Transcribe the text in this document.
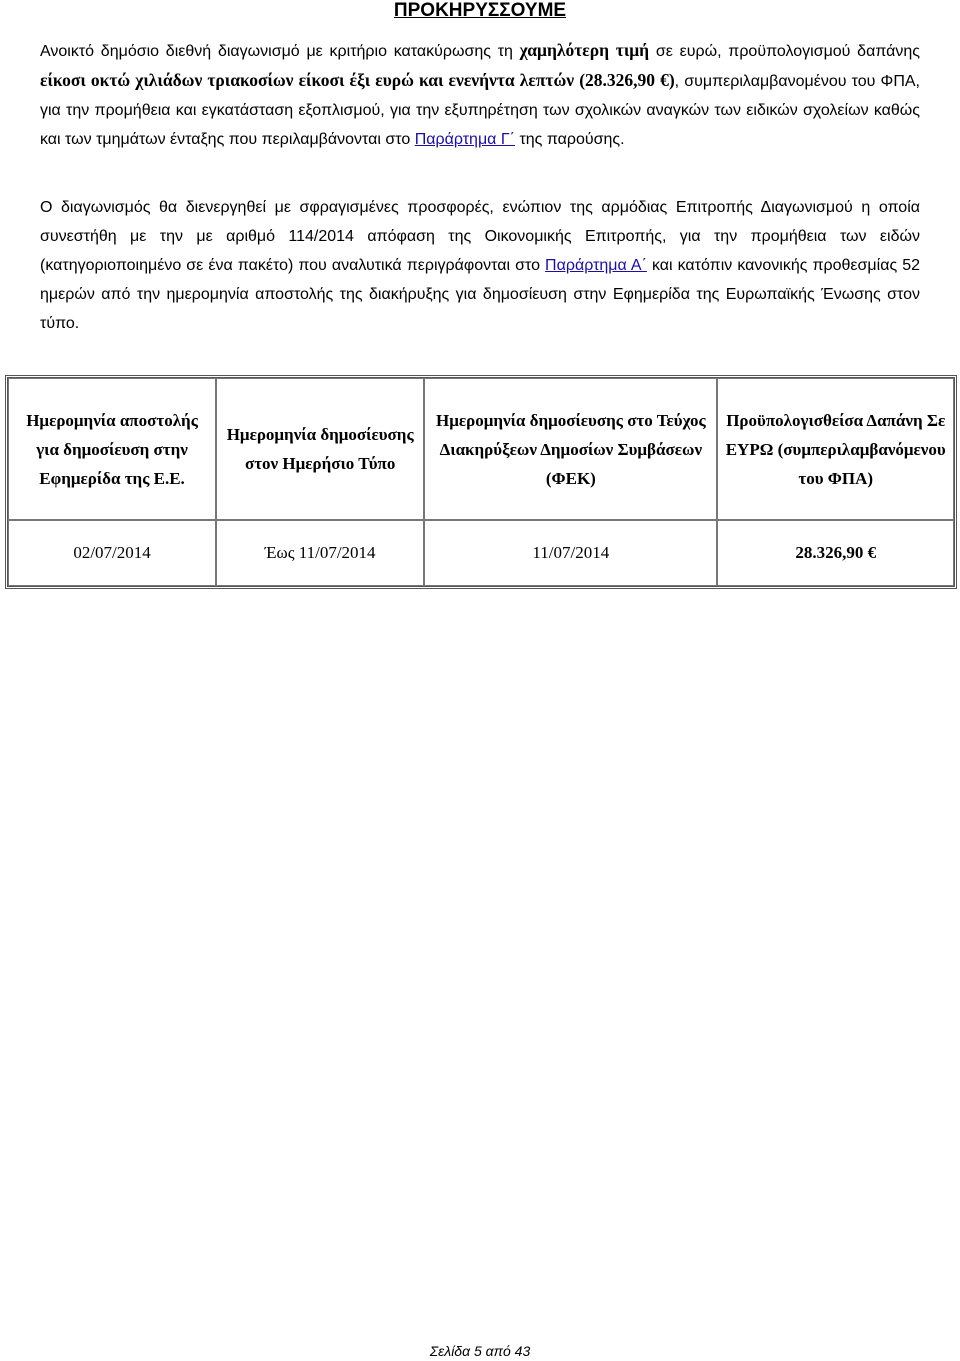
ΠΡΟΚΗΡΥΣΣΟΥΜΕ

Ανοικτό δημόσιο διεθνή διαγωνισμό με κριτήριο κατακύρωσης τη χαμηλότερη τιμή σε ευρώ, προϋπολογισμού δαπάνης είκοσι οκτώ χιλιάδων τριακοσίων είκοσι έξι ευρώ και ενενήντα λεπτών (28.326,90 €), συμπεριλαμβανομένου του ΦΠΑ, για την προμήθεια και εγκατάσταση εξοπλισμού, για την εξυπηρέτηση των σχολικών αναγκών των ειδικών σχολείων καθώς και των τμημάτων ένταξης που περιλαμβάνονται στο Παράρτημα Γ΄ της παρούσης.

Ο διαγωνισμός θα διενεργηθεί με σφραγισμένες προσφορές, ενώπιον της αρμόδιας Επιτροπής Διαγωνισμού η οποία συνεστήθη με την με αριθμό 114/2014 απόφαση της Οικονομικής Επιτροπής, για την προμήθεια των ειδών (κατηγοριοποιημένο σε ένα πακέτο) που αναλυτικά περιγράφονται στο Παράρτημα Α΄ και κατόπιν κανονικής προθεσμίας 52 ημερών από την ημερομηνία αποστολής της διακήρυξης για δημοσίευση στην Εφημερίδα της Ευρωπαϊκής Ένωσης στον τύπο.

Ημερομηνία αποστολής για δημοσίευση στην Εφημερίδα της Ε.Ε.	Ημερομηνία δημοσίευσης στον Ημερήσιο Τύπο	Ημερομηνία δημοσίευσης στο Τεύχος Διακηρύξεων Δημοσίων Συμβάσεων (ΦΕΚ)	Προϋπολογισθείσα Δαπάνη Σε ΕΥΡΩ (συμπεριλαμβανόμενου του ΦΠΑ)
02/07/2014	Έως 11/07/2014	11/07/2014	28.326,90 €
Σελίδα 5 από 43
